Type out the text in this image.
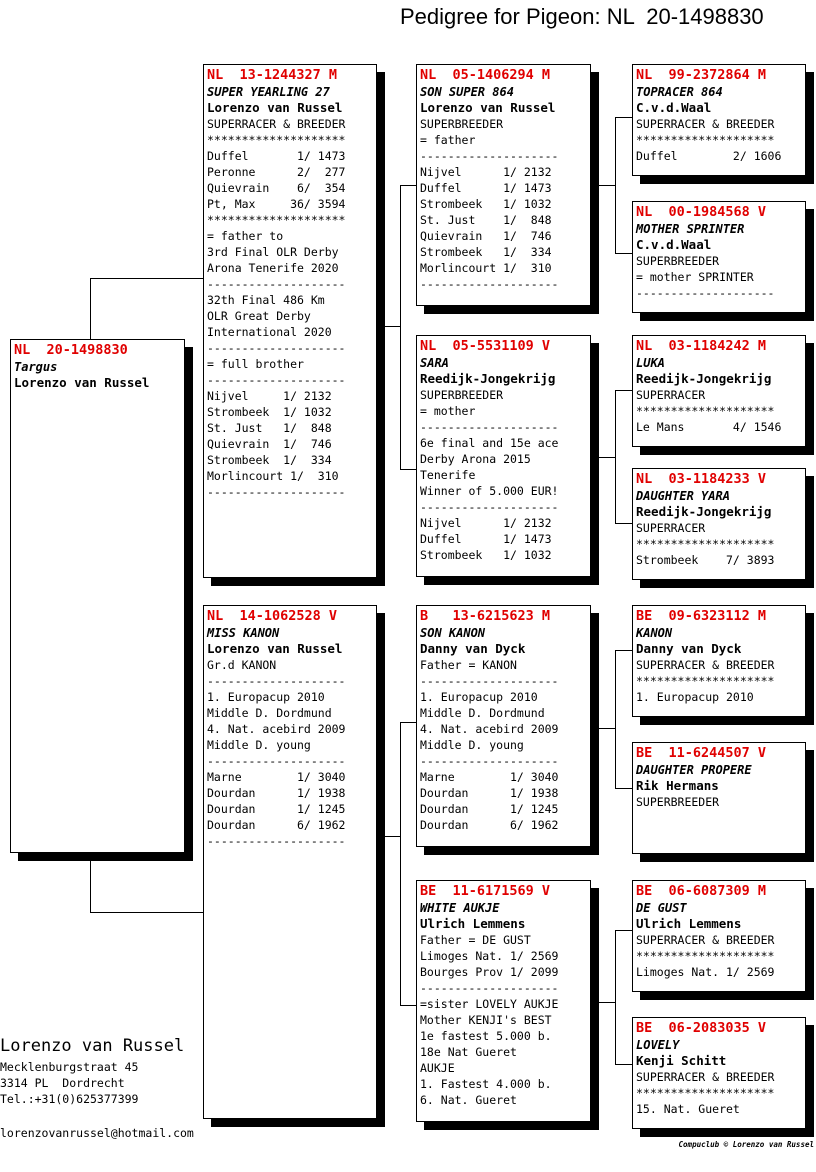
Pedigree for Pigeon: NL  20-1498830
NL  20-1498830
Targus
Lorenzo van Russel
NL  13-1244327 M
SUPER YEARLING 27
Lorenzo van Russel
SUPERRACER & BREEDER
********************
Duffel       1/ 1473
Peronne      2/  277
Quievrain    6/  354
Pt, Max     36/ 3594
********************
= father to
3rd Final OLR Derby
Arona Tenerife 2020
--------------------
32th Final 486 Km
OLR Great Derby
International 2020
--------------------
= full brother
--------------------
Nijvel     1/ 2132
Strombeek  1/ 1032
St. Just   1/  848
Quievrain  1/  746
Strombeek  1/  334
Morlincourt 1/  310
--------------------
NL  14-1062528 V
MISS KANON
Lorenzo van Russel
Gr.d KANON
--------------------
1. Europacup 2010
Middle D. Dordmund
4. Nat. acebird 2009
Middle D. young
--------------------
Marne        1/ 3040
Dourdan      1/ 1938
Dourdan      1/ 1245
Dourdan      6/ 1962
--------------------
NL  05-1406294 M
SON SUPER 864
Lorenzo van Russel
SUPERBREEDER
= father
--------------------
Nijvel      1/ 2132
Duffel      1/ 1473
Strombeek   1/ 1032
St. Just    1/  848
Quievrain   1/  746
Strombeek   1/  334
Morlincourt 1/  310
--------------------
NL  05-5531109 V
SARA
Reedijk-Jongekrijg
SUPERBREEDER
= mother
--------------------
6e final and 15e ace
Derby Arona 2015
Tenerife
Winner of 5.000 EUR!
--------------------
Nijvel      1/ 2132
Duffel      1/ 1473
Strombeek   1/ 1032
B   13-6215623 M
SON KANON
Danny van Dyck
Father = KANON
--------------------
1. Europacup 2010
Middle D. Dordmund
4. Nat. acebird 2009
Middle D. young
--------------------
Marne        1/ 3040
Dourdan      1/ 1938
Dourdan      1/ 1245
Dourdan      6/ 1962
BE  11-6171569 V
WHITE AUKJE
Ulrich Lemmens
Father = DE GUST
Limoges Nat. 1/ 2569
Bourges Prov 1/ 2099
--------------------
=sister LOVELY AUKJE
Mother KENJI's BEST
1e fastest 5.000 b.
18e Nat Gueret
AUKJE
1. Fastest 4.000 b.
6. Nat. Gueret
NL  99-2372864 M
TOPRACER 864
C.v.d.Waal
SUPERRACER & BREEDER
********************
Duffel        2/ 1606
NL  00-1984568 V
MOTHER SPRINTER
C.v.d.Waal
SUPERBREEDER
= mother SPRINTER
--------------------
NL  03-1184242 M
LUKA
Reedijk-Jongekrijg
SUPERRACER
********************
Le Mans       4/ 1546
NL  03-1184233 V
DAUGHTER YARA
Reedijk-Jongekrijg
SUPERRACER
********************
Strombeek    7/ 3893
BE  09-6323112 M
KANON
Danny van Dyck
SUPERRACER & BREEDER
********************
1. Europacup 2010
BE  11-6244507 V
DAUGHTER PROPERE
Rik Hermans
SUPERBREEDER
BE  06-6087309 M
DE GUST
Ulrich Lemmens
SUPERRACER & BREEDER
********************
Limoges Nat. 1/ 2569
BE  06-2083035 V
LOVELY
Kenji Schitt
SUPERRACER & BREEDER
********************
15. Nat. Gueret
Lorenzo van Russel
Mecklenburgstraat 45
3314 PL  Dordrecht
Tel.:+31(0)625377399
lorenzovanrussel@hotmail.com
Compuclub © Lorenzo van Russel
